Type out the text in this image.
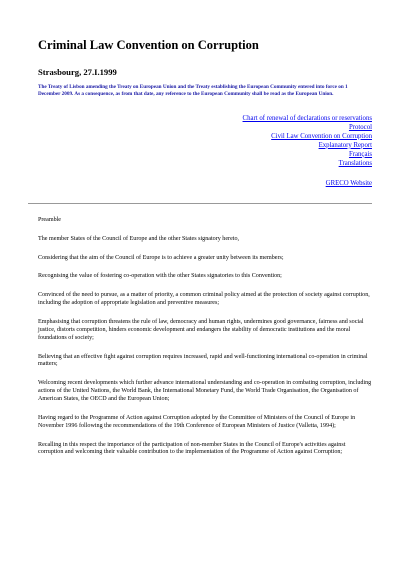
Criminal Law Convention on Corruption

Strasbourg, 27.I.1999

The Treaty of Lisbon amending the Treaty on European Union and the Treaty establishing the European Community entered into force on 1 December 2009. As a consequence, as from that date, any reference to the European Community shall be read as the European Union.

Chart of renewal of declarations or reservations
Protocol
Civil Law Convention on Corruption
Explanatory Report
Français
Translations
GRECO Website

Preamble

The member States of the Council of Europe and the other States signatory hereto,

Considering that the aim of the Council of Europe is to achieve a greater unity between its members;

Recognising the value of fostering co-operation with the other States signatories to this Convention;

Convinced of the need to pursue, as a matter of priority, a common criminal policy aimed at the protection of society against corruption, including the adoption of appropriate legislation and preventive measures;

Emphasising that corruption threatens the rule of law, democracy and human rights, undermines good governance, fairness and social justice, distorts competition, hinders economic development and endangers the stability of democratic institutions and the moral foundations of society;

Believing that an effective fight against corruption requires increased, rapid and well-functioning international co-operation in criminal matters;

Welcoming recent developments which further advance international understanding and co-operation in combating corruption, including actions of the United Nations, the World Bank, the International Monetary Fund, the World Trade Organisation, the Organisation of American States, the OECD and the European Union;

Having regard to the Programme of Action against Corruption adopted by the Committee of Ministers of the Council of Europe in November 1996 following the recommendations of the 19th Conference of European Ministers of Justice (Valletta, 1994);

Recalling in this respect the importance of the participation of non-member States in the Council of Europe's activities against corruption and welcoming their valuable contribution to the implementation of the Programme of Action against Corruption;
